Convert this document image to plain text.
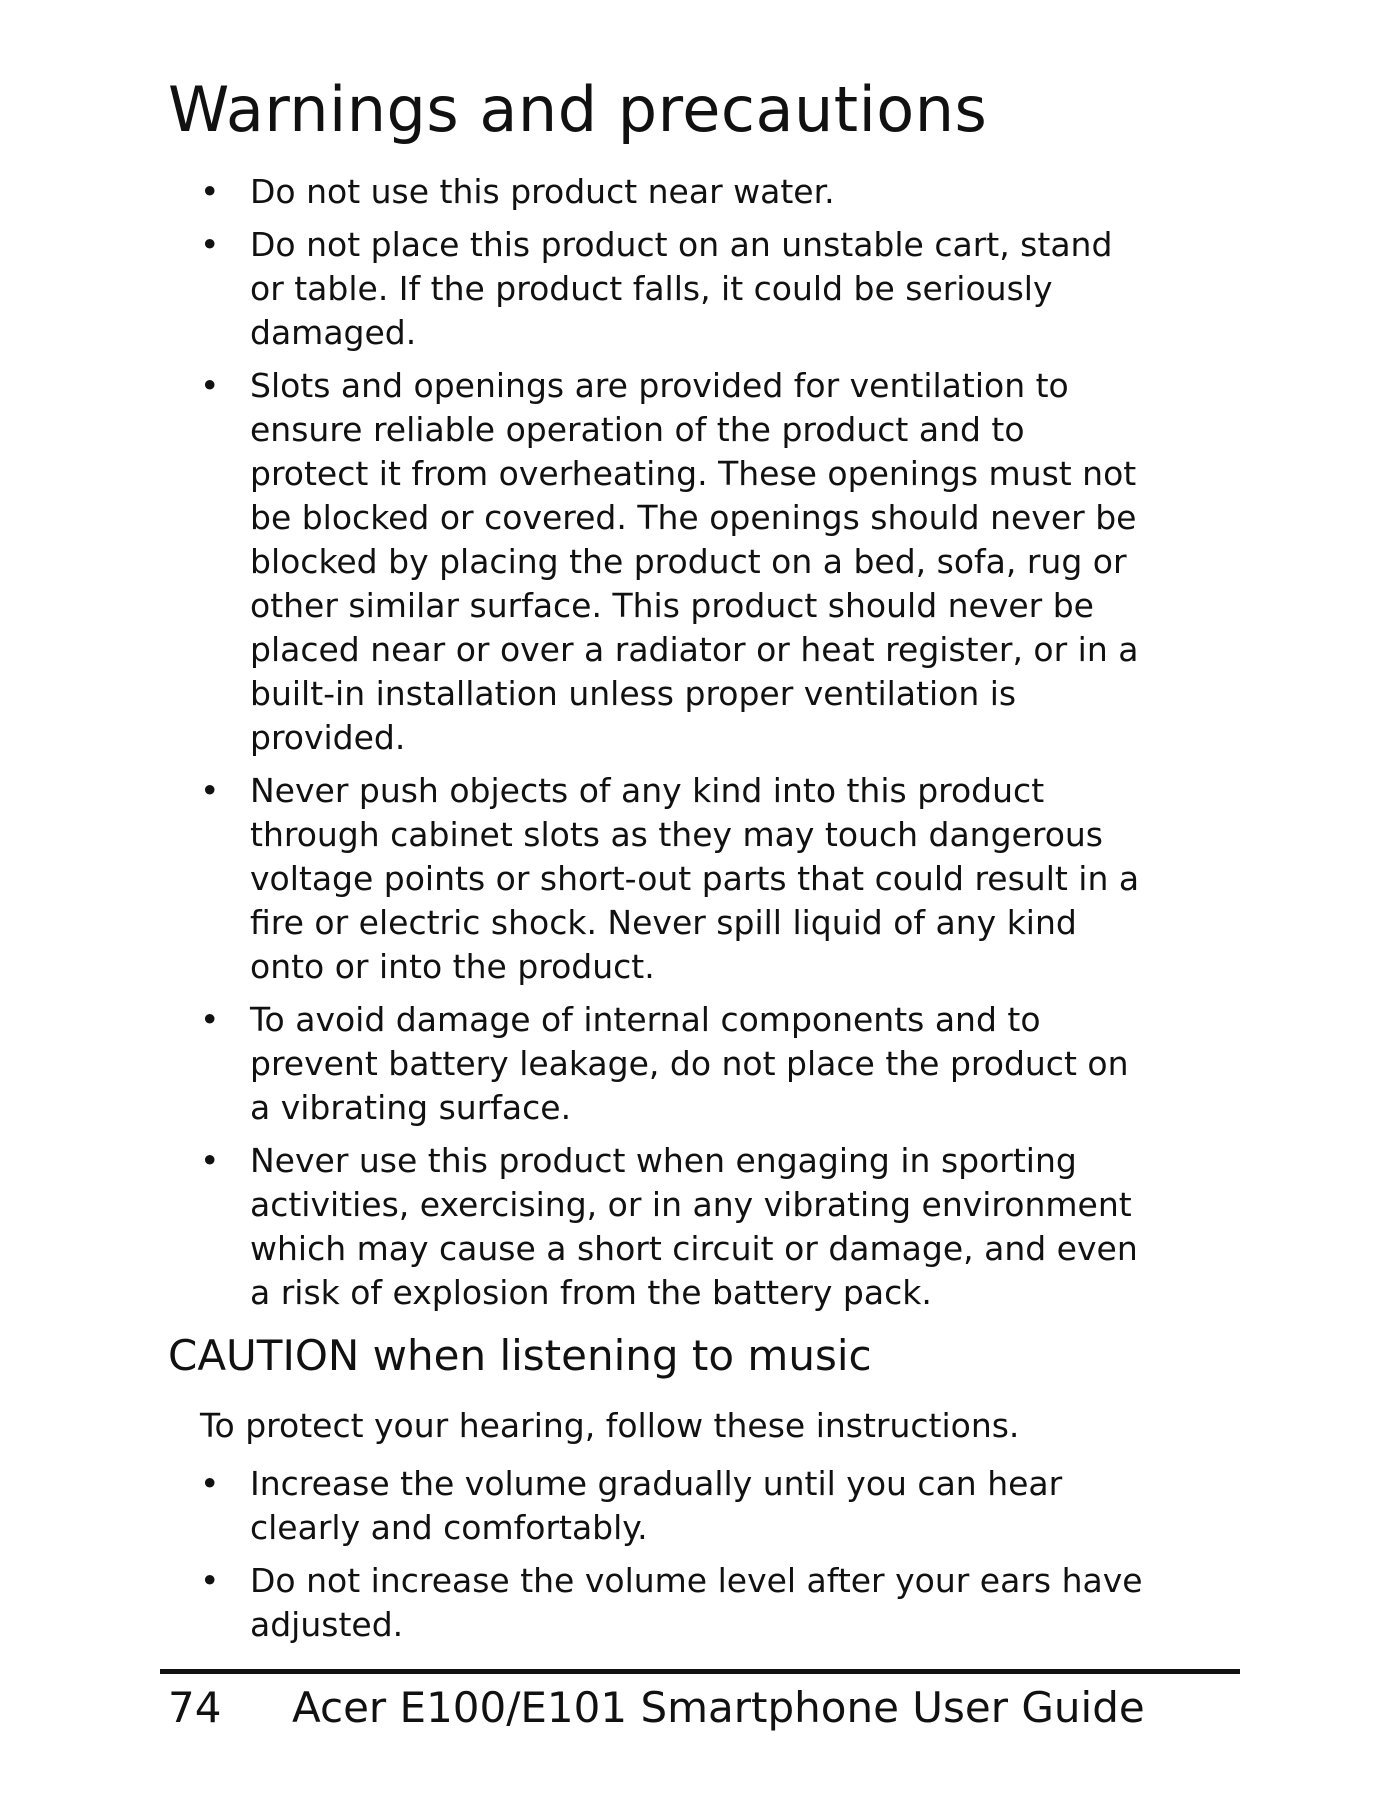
Warnings and precautions
• Do not use this product near water.
• Do not place this product on an unstable cart, stand or table. If the product falls, it could be seriously damaged.
• Slots and openings are provided for ventilation to ensure reliable operation of the product and to protect it from overheating. These openings must not be blocked or covered. The openings should never be blocked by placing the product on a bed, sofa, rug or other similar surface. This product should never be placed near or over a radiator or heat register, or in a built-in installation unless proper ventilation is provided.
• Never push objects of any kind into this product through cabinet slots as they may touch dangerous voltage points or short-out parts that could result in a fire or electric shock. Never spill liquid of any kind onto or into the product.
• To avoid damage of internal components and to prevent battery leakage, do not place the product on a vibrating surface.
• Never use this product when engaging in sporting activities, exercising, or in any vibrating environment which may cause a short circuit or damage, and even a risk of explosion from the battery pack.
CAUTION when listening to music

To protect your hearing, follow these instructions.

• Increase the volume gradually until you can hear clearly and comfortably.
• Do not increase the volume level after your ears have adjusted.
74 Acer E100/E101 Smartphone User Guide
